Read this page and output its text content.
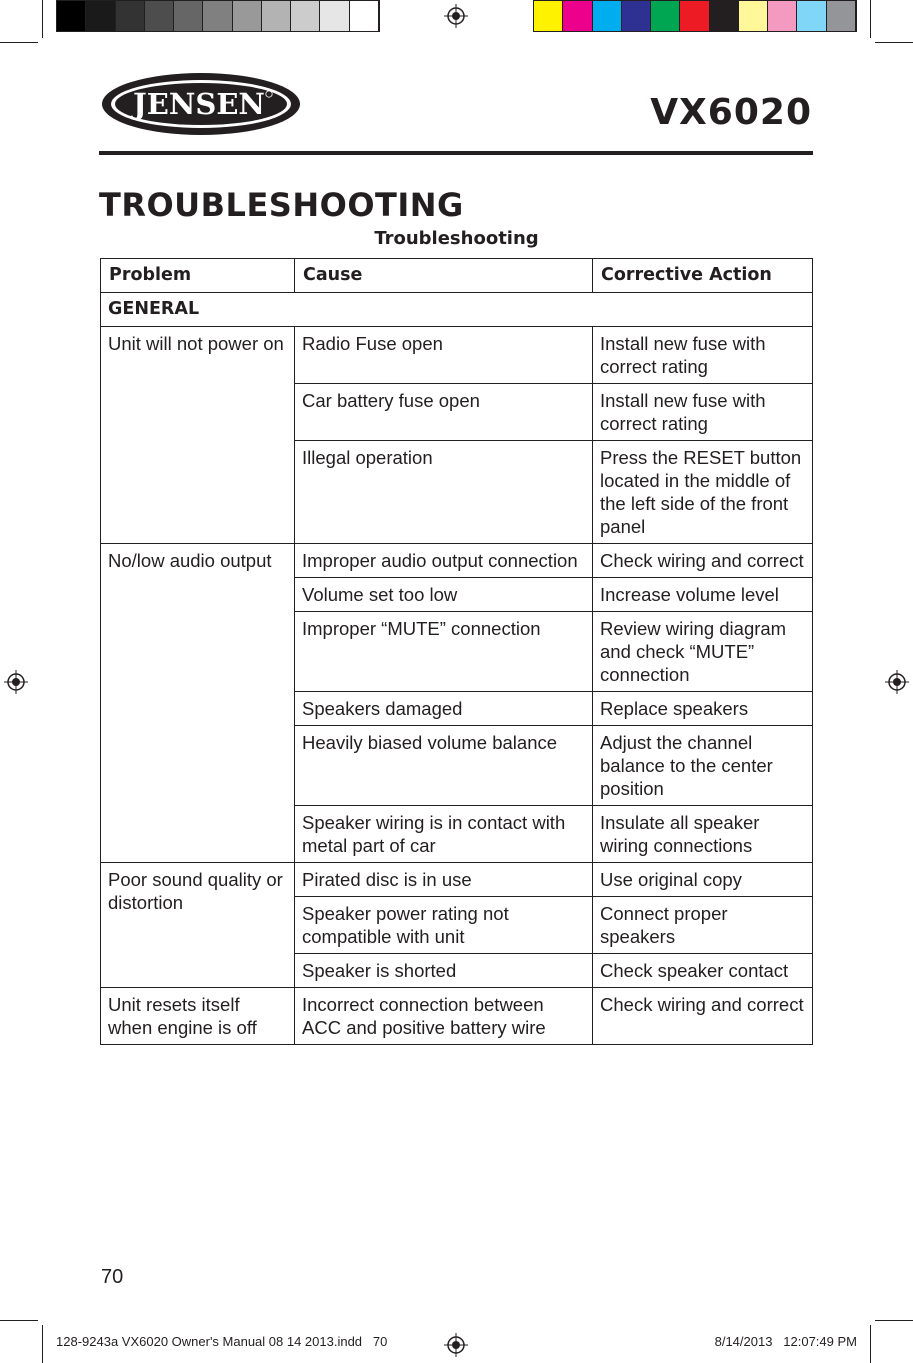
JENSEN	VX6020
TROUBLESHOOTING
Troubleshooting
Problem	Cause	Corrective Action
GENERAL		
Unit will not power on	Radio Fuse open	Install new fuse with correct rating
	Car battery fuse open	Install new fuse with correct rating
	Illegal operation	Press the RESET button located in the middle of the left side of the front panel
No/low audio output	Improper audio output connection	Check wiring and correct
	Volume set too low	Increase volume level
	Improper “MUTE” connection	Review wiring diagram and check “MUTE” connection
	Speakers damaged	Replace speakers
	Heavily biased volume balance	Adjust the channel balance to the center position
	Speaker wiring is in contact with metal part of car	Insulate all speaker wiring connections
Poor sound quality or distortion	Pirated disc is in use	Use original copy
	Speaker power rating not compatible with unit	Connect proper speakers
	Speaker is shorted	Check speaker contact
Unit resets itself when engine is off	Incorrect connection between ACC and positive battery wire	Check wiring and correct
70
128-9243a VX6020 Owner's Manual 08 14 2013.indd   70	8/14/2013   12:07:49 PM
